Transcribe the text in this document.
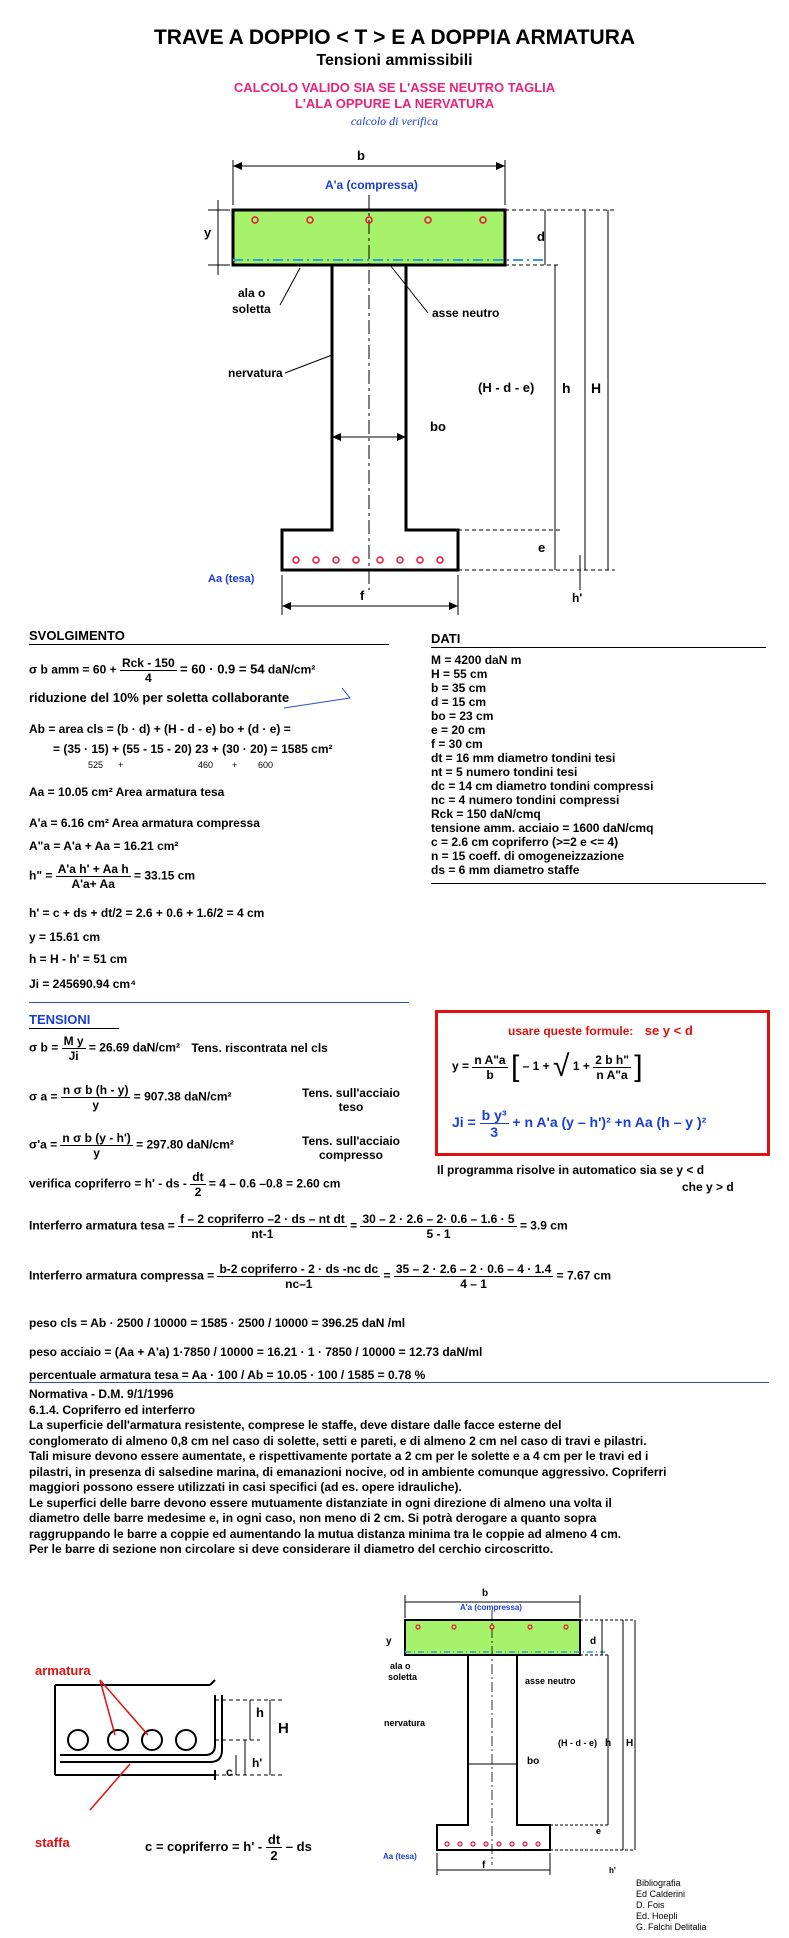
TRAVE A DOPPIO < T > E A DOPPIA ARMATURA
Tensioni ammissibili
CALCOLO VALIDO SIA SE L'ASSE NEUTRO TAGLIA
L'ALA OPPURE LA NERVATURA
calcolo di verifica
b
A'a (compressa)
y	d
ala o
soletta	asse neutro
nervatura
(H - d - e) h H
bo
e
Aa (tesa)
f	h'
SVOLGIMENTO
σ b amm = $60 + \frac{\text{Rck - 150}}{4} = 60 \cdot 0.9 = 54$ daN/cm²
riduzione del 10% per soletta collaborante
Ab = area cls = (b · d) + (H - d - e) bo + (d · e) =
= (35 · 15) + (55 - 15 - 20) 23 + (30 · 20) = 1585 cm²
525 +	460 + 600
Aa = 10.05 cm² Area armatura tesa
A'a = 6.16 cm² Area armatura compressa
A"a = A'a + Aa = 16.21 cm²
h" = $\frac{\text{A'a h' + Aa h}}{A'a+ Aa} = 33.15$ cm
h' = c + ds + dt/2 = 2.6 + 0.6 + 1.6/2 = 4 cm
y = 15.61 cm
h = H - h' = 51 cm
Ji = 245690.94 cm⁴
DATI
M = 4200 daN m
H = 55 cm
b = 35 cm
d = 15 cm
bo = 23 cm
e = 20 cm
f = 30 cm
dt = 16 mm diametro tondini tesi
nt = 5 numero tondini tesi
dc = 14 cm diametro tondini compressi
nc = 4 numero tondini compressi
Rck = 150 daN/cmq
tensione amm. acciaio = 1600 daN/cmq
c = 2.6 cm copriferro (>=2 e <= 4)
n = 15 coeff. di omogeneizzazione
ds = 6 mm diametro staffe
TENSIONI
σ $b = \frac{\text{M y}}{Ji} = 26.69$ daN/cm² Tens. riscontrata nel cls
σ $a = \frac{\text{n σ b (h - y)}}{y} = 907.38$ daN/cm²	Tens. sull'acciaio
teso
$\sigma'a = \frac{\text{n σ b (y - h')}}{y} = 297.80$ daN/cm²	Tens. sull'acciaio
compresso
verifica copriferro = h' - ds - $\frac{dt}{2} = 4 - 0.6$ –0.8 = 2.60 cm
Interferro armatura tesa = $\frac{\text{f – 2 copriferro –2 · ds – nt dt}}{nt-1} = \frac{30 - 2 \cdot 2.6 - 2\cdot 0.6 - 1.6 \cdot 5}{5 - 1} = 3.9$ cm
Interferro armatura compressa = $\frac{\text{b-2 copriferro - 2 · ds -nc dc}}{nc-1} = \frac{35 - 2 \cdot 2.6 - 2 \cdot 0.6 - 4 \cdot 1.4}{4 - 1} = 7.67$ cm
peso cls = Ab · 2500 / 10000 = 1585 · 2500 / 10000 = 396.25 daN /ml
peso acciaio = (Aa + A'a) 1·7850 / 10000 = 16.21 · 1 · 7850 / 10000 = 12.73 daN/ml
percentuale armatura tesa = Aa · 100 / Ab = 10.05 · 100 / 1585 = 0.78 %
usare queste formule: se y < d
$y = \frac{\text{n A"a}}{b}$ [ – 1 + √ $1 + \frac{\text{2 b h"}}{\text{n A"a}}$ ]
$Ji = \frac{\text{b y³}}{3} + n$ A'a (y – h')² +n Aa (h – y )²
Il programma risolve in automatico sia se y < d
che y > d
Normativa - D.M. 9/1/1996
6.1.4. Copriferro ed interferro
La superficie dell'armatura resistente, comprese le staffe, deve distare dalle facce esterne del
conglomerato di almeno 0,8 cm nel caso di solette, setti e pareti, e di almeno 2 cm nel caso di travi e pilastri.
Tali misure devono essere aumentate, e rispettivamente portate a 2 cm per le solette e a 4 cm per le travi ed i
pilastri, in presenza di salsedine marina, di emanazioni nocive, od in ambiente comunque aggressivo. Copriferri
maggiori possono essere utilizzati in casi specifici (ad es. opere idrauliche).
Le superfici delle barre devono essere mutuamente distanziate in ogni direzione di almeno una volta il
diametro delle barre medesime e, in ogni caso, non meno di 2 cm. Si potrà derogare a quanto sopra
raggruppando le barre a coppie ed aumentando la mutua distanza minima tra le coppie ad almeno 4 cm.
Per le barre di sezione non circolare si deve considerare il diametro del cerchio circoscritto.
armatura
staffa
h
H
c
h'
c = copriferro = h' - $\frac{dt}{2}$ – ds
b
A'a (compressa)
y	d
ala o
soletta	asse neutro
nervatura
(H - d - e) h H
bo
e
Aa (tesa)
f	h'
Bibliografia
Ed Calderini
D. Fois
Ed. Hoepli
G. Falchi Delitalia
